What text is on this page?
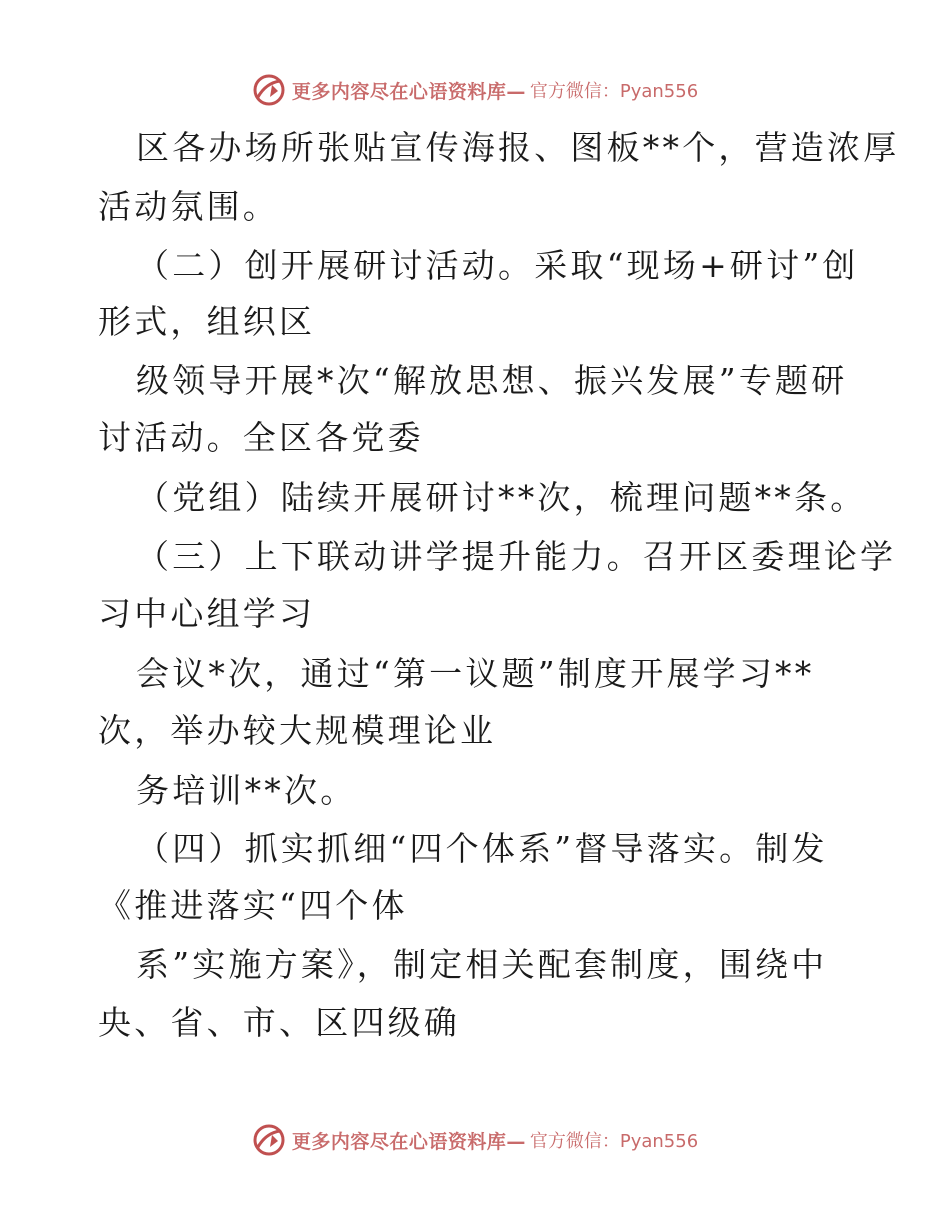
更多内容尽在心语资料库— 官方微信：Pyan556
区各办场所张贴宣传海报、图板**个，营造浓厚
活动氛围。
（二）创开展研讨活动。采取“现场+研讨”创
形式，组织区
级领导开展*次“解放思想、振兴发展”专题研
讨活动。全区各党委
（党组）陆续开展研讨**次，梳理问题**条。
（三）上下联动讲学提升能力。召开区委理论学
习中心组学习
会议*次，通过“第一议题”制度开展学习**
次，举办较大规模理论业
务培训**次。
（四）抓实抓细“四个体系”督导落实。制发
《推进落实“四个体
系”实施方案》，制定相关配套制度，围绕中
央、省、市、区四级确
更多内容尽在心语资料库— 官方微信：Pyan556
